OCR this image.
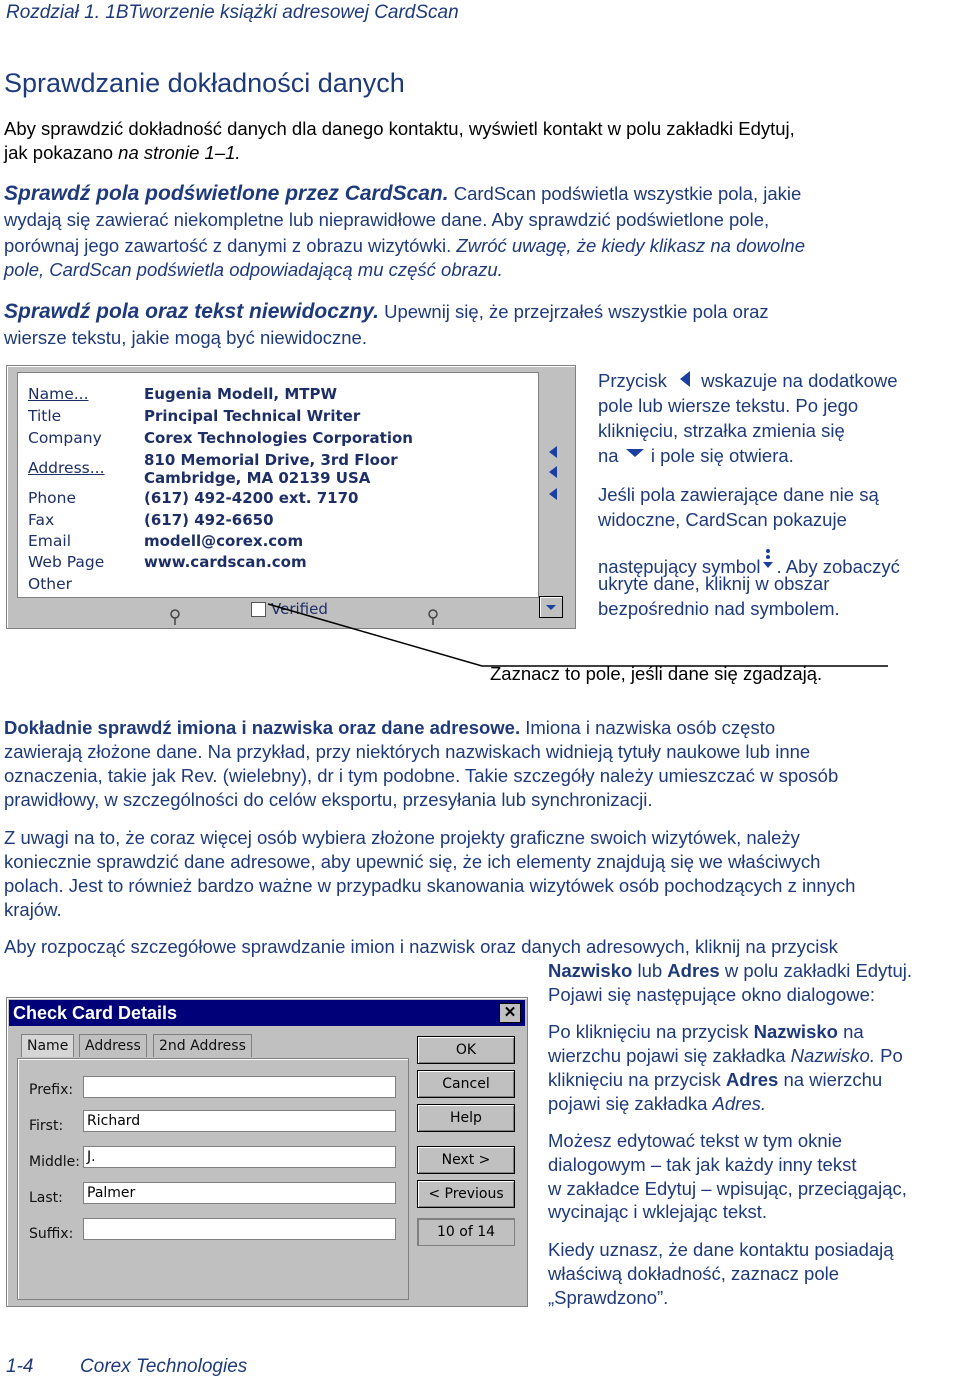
Rozdział 1. 1BTworzenie książki adresowej CardScan
Sprawdzanie dokładności danych
Aby sprawdzić dokładność danych dla danego kontaktu, wyświetl kontakt w polu zakładki Edytuj,
jak pokazano na stronie 1–1.
Sprawdź pola podświetlone przez CardScan. CardScan podświetla wszystkie pola, jakie
wydają się zawierać niekompletne lub nieprawidłowe dane. Aby sprawdzić podświetlone pole,
porównaj jego zawartość z danymi z obrazu wizytówki. Zwróć uwagę, że kiedy klikasz na dowolne
pole, CardScan podświetla odpowiadającą mu część obrazu.
Sprawdź pola oraz tekst niewidoczny. Upewnij się, że przejrzałeś wszystkie pola oraz
wiersze tekstu, jakie mogą być niewidoczne.
Name...	Eugenia Modell, MTPW
Title	Principal Technical Writer
Company	Corex Technologies Corporation
Address...	810 Memorial Drive, 3rd Floor
Cambridge, MA 02139 USA
Phone	(617) 492-4200 ext. 7170
Fax	(617) 492-6650
Email	modell@corex.com
Web Page	www.cardscan.com
Other
Verified
Zaznacz to pole, jeśli dane się zgadzają.
Przycisk wskazuje na dodatkowe
pole lub wiersze tekstu. Po jego
kliknięciu, strzałka zmienia się
na i pole się otwiera.
Jeśli pola zawierające dane nie są
widoczne, CardScan pokazuje
następujący symbol . Aby zobaczyć
ukryte dane, kliknij w obszar
bezpośrednio nad symbolem.
Dokładnie sprawdź imiona i nazwiska oraz dane adresowe. Imiona i nazwiska osób często
zawierają złożone dane. Na przykład, przy niektórych nazwiskach widnieją tytuły naukowe lub inne
oznaczenia, takie jak Rev. (wielebny), dr i tym podobne. Takie szczegóły należy umieszczać w sposób
prawidłowy, w szczególności do celów eksportu, przesyłania lub synchronizacji.
Z uwagi na to, że coraz więcej osób wybiera złożone projekty graficzne swoich wizytówek, należy
koniecznie sprawdzić dane adresowe, aby upewnić się, że ich elementy znajdują się we właściwych
polach. Jest to również bardzo ważne w przypadku skanowania wizytówek osób pochodzących z innych
krajów.
Aby rozpocząć szczegółowe sprawdzanie imion i nazwisk oraz danych adresowych, kliknij na przycisk
Nazwisko lub Adres w polu zakładki Edytuj.
Pojawi się następujące okno dialogowe:
Check Card Details	✕
Name	Address	2nd Address
Prefix:
First: Richard
Middle: J.
Last: Palmer
Suffix:
OK
Cancel
Help
Next >
< Previous
10 of 14
Po kliknięciu na przycisk Nazwisko na
wierzchu pojawi się zakładka Nazwisko. Po
kliknięciu na przycisk Adres na wierzchu
pojawi się zakładka Adres.
Możesz edytować tekst w tym oknie
dialogowym – tak jak każdy inny tekst
w zakładce Edytuj – wpisując, przeciągając,
wycinając i wklejając tekst.
Kiedy uznasz, że dane kontaktu posiadają
właściwą dokładność, zaznacz pole
„Sprawdzono”.
1-4 Corex Technologies
